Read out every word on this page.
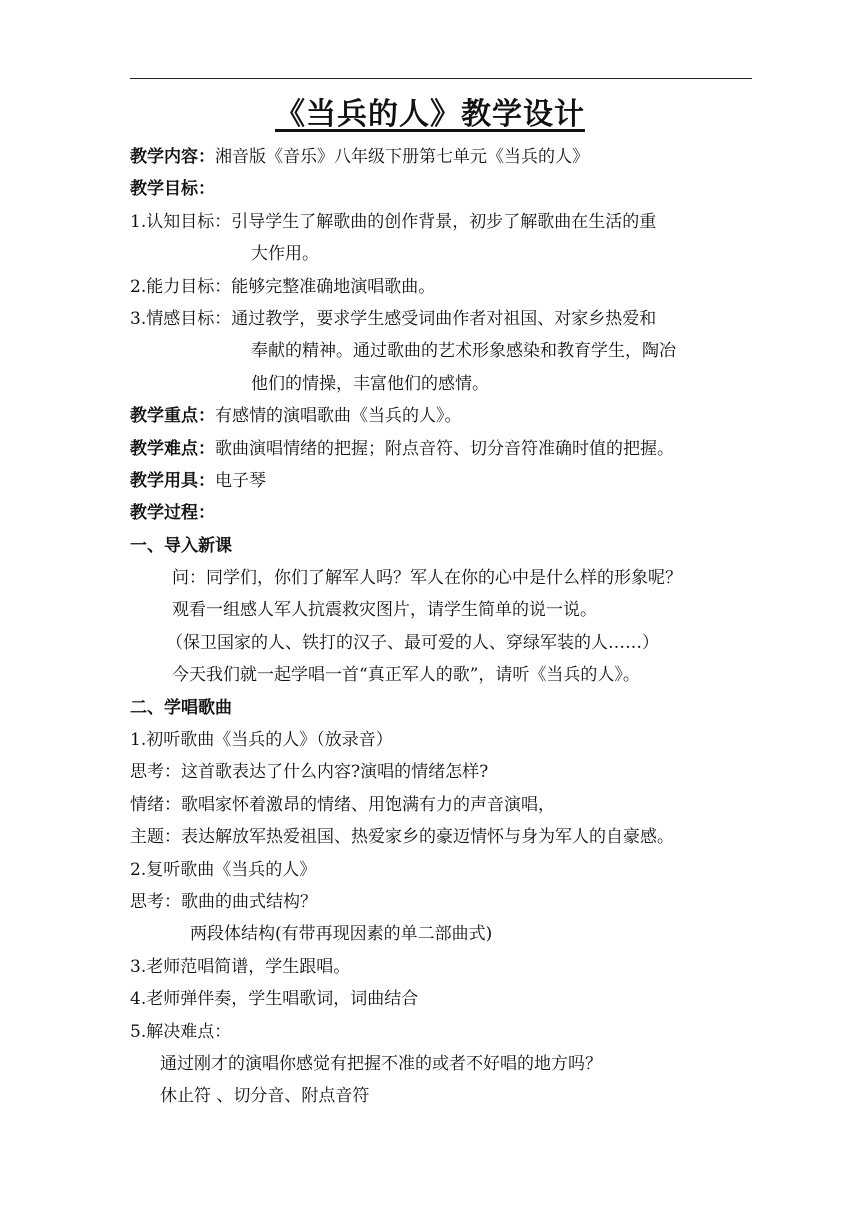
《当兵的人》教学设计
教学内容：湘音版《音乐》八年级下册第七单元《当兵的人》
教学目标：
1.认知目标：引导学生了解歌曲的创作背景，初步了解歌曲在生活的重
大作用。
2.能力目标：能够完整准确地演唱歌曲。
3.情感目标：通过教学，要求学生感受词曲作者对祖国、对家乡热爱和
奉献的精神。通过歌曲的艺术形象感染和教育学生，陶冶
他们的情操，丰富他们的感情。
教学重点：有感情的演唱歌曲《当兵的人》。
教学难点：歌曲演唱情绪的把握；附点音符、切分音符准确时值的把握。
教学用具：电子琴
教学过程：
一、导入新课
问：同学们，你们了解军人吗？军人在你的心中是什么样的形象呢？
观看一组感人军人抗震救灾图片，请学生简单的说一说。
（保卫国家的人、铁打的汉子、最可爱的人、穿绿军装的人……）
今天我们就一起学唱一首“真正军人的歌”，请听《当兵的人》。
二、学唱歌曲
1.初听歌曲《当兵的人》（放录音）
思考：这首歌表达了什么内容?演唱的情绪怎样?
情绪：歌唱家怀着激昂的情绪、用饱满有力的声音演唱，
主题：表达解放军热爱祖国、热爱家乡的豪迈情怀与身为军人的自豪感。
2.复听歌曲《当兵的人》
思考：歌曲的曲式结构？
两段体结构(有带再现因素的单二部曲式)
3.老师范唱简谱，学生跟唱。
4.老师弹伴奏，学生唱歌词，词曲结合
5.解决难点：
通过刚才的演唱你感觉有把握不准的或者不好唱的地方吗？
休止符 、切分音、附点音符
